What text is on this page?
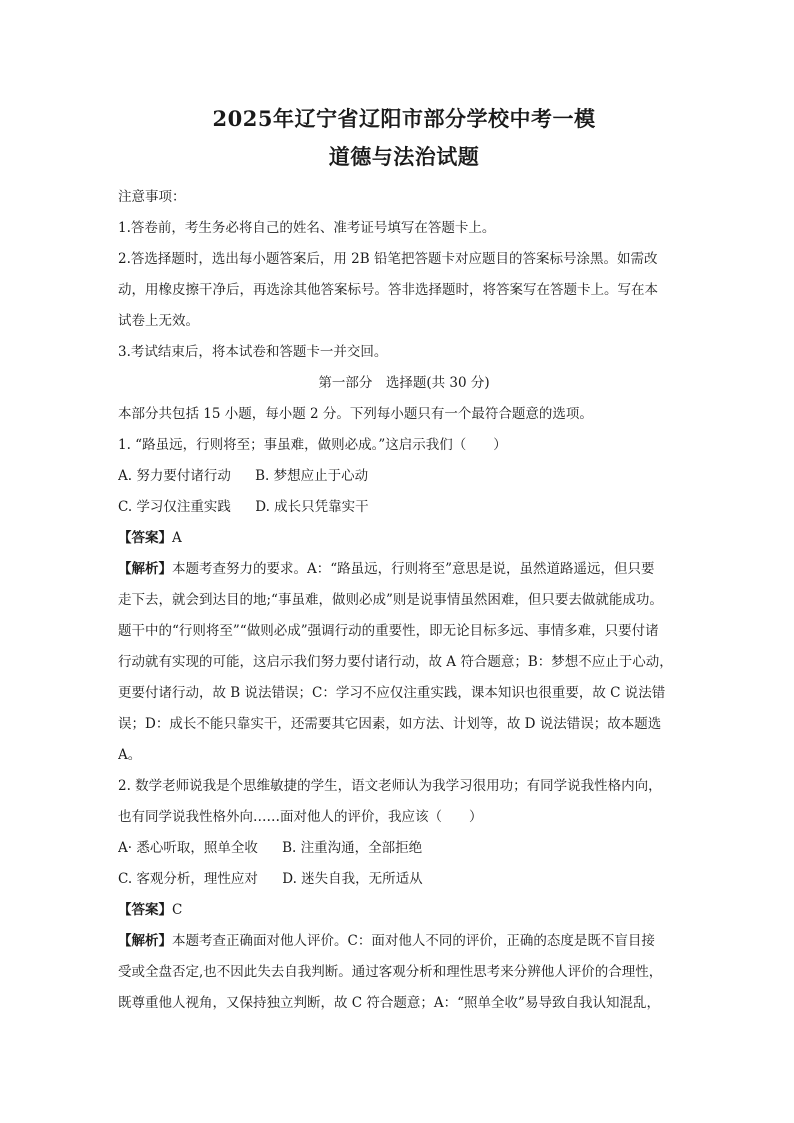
2025年辽宁省辽阳市部分学校中考一模
道德与法治试题

注意事项：

1.答卷前，考生务必将自己的姓名、准考证号填写在答题卡上。

2.答选择题时，选出每小题答案后，用 2B 铅笔把答题卡对应题目的答案标号涂黑。如需改

动，用橡皮擦干净后，再选涂其他答案标号。答非选择题时，将答案写在答题卡上。写在本

试卷上无效。

3.考试结束后，将本试卷和答题卡一并交回。

第一部分　选择题(共 30 分)

本部分共包括 15 小题，每小题 2 分。下列每小题只有一个最符合题意的选项。

1. “路虽远，行则将至；事虽难，做则必成。”这启示我们（　　）

A. 努力要付诸行动 B. 梦想应止于心动

C. 学习仅注重实践 D. 成长只凭靠实干

【答案】A

【解析】本题考查努力的要求。A：“路虽远，行则将至”意思是说，虽然道路遥远，但只要

走下去，就会到达目的地;“事虽难，做则必成”则是说事情虽然困难，但只要去做就能成功。

题干中的“行则将至”“做则必成”强调行动的重要性，即无论目标多远、事情多难，只要付诸

行动就有实现的可能，这启示我们努力要付诸行动，故 A 符合题意；B：梦想不应止于心动，

更要付诸行动，故 B 说法错误；C：学习不应仅注重实践，课本知识也很重要，故 C 说法错

误；D：成长不能只靠实干，还需要其它因素，如方法、计划等，故 D 说法错误；故本题选

A。

2. 数学老师说我是个思维敏捷的学生，语文老师认为我学习很用功；有同学说我性格内向，

也有同学说我性格外向……面对他人的评价，我应该（　　）

A· 悉心听取，照单全收 B. 注重沟通，全部拒绝

C. 客观分析，理性应对 D. 迷失自我，无所适从

【答案】C

【解析】本题考查正确面对他人评价。C：面对他人不同的评价，正确的态度是既不盲目接

受或全盘否定,也不因此失去自我判断。通过客观分析和理性思考来分辨他人评价的合理性，

既尊重他人视角，又保持独立判断，故 C 符合题意；A：“照单全收”易导致自我认知混乱，
